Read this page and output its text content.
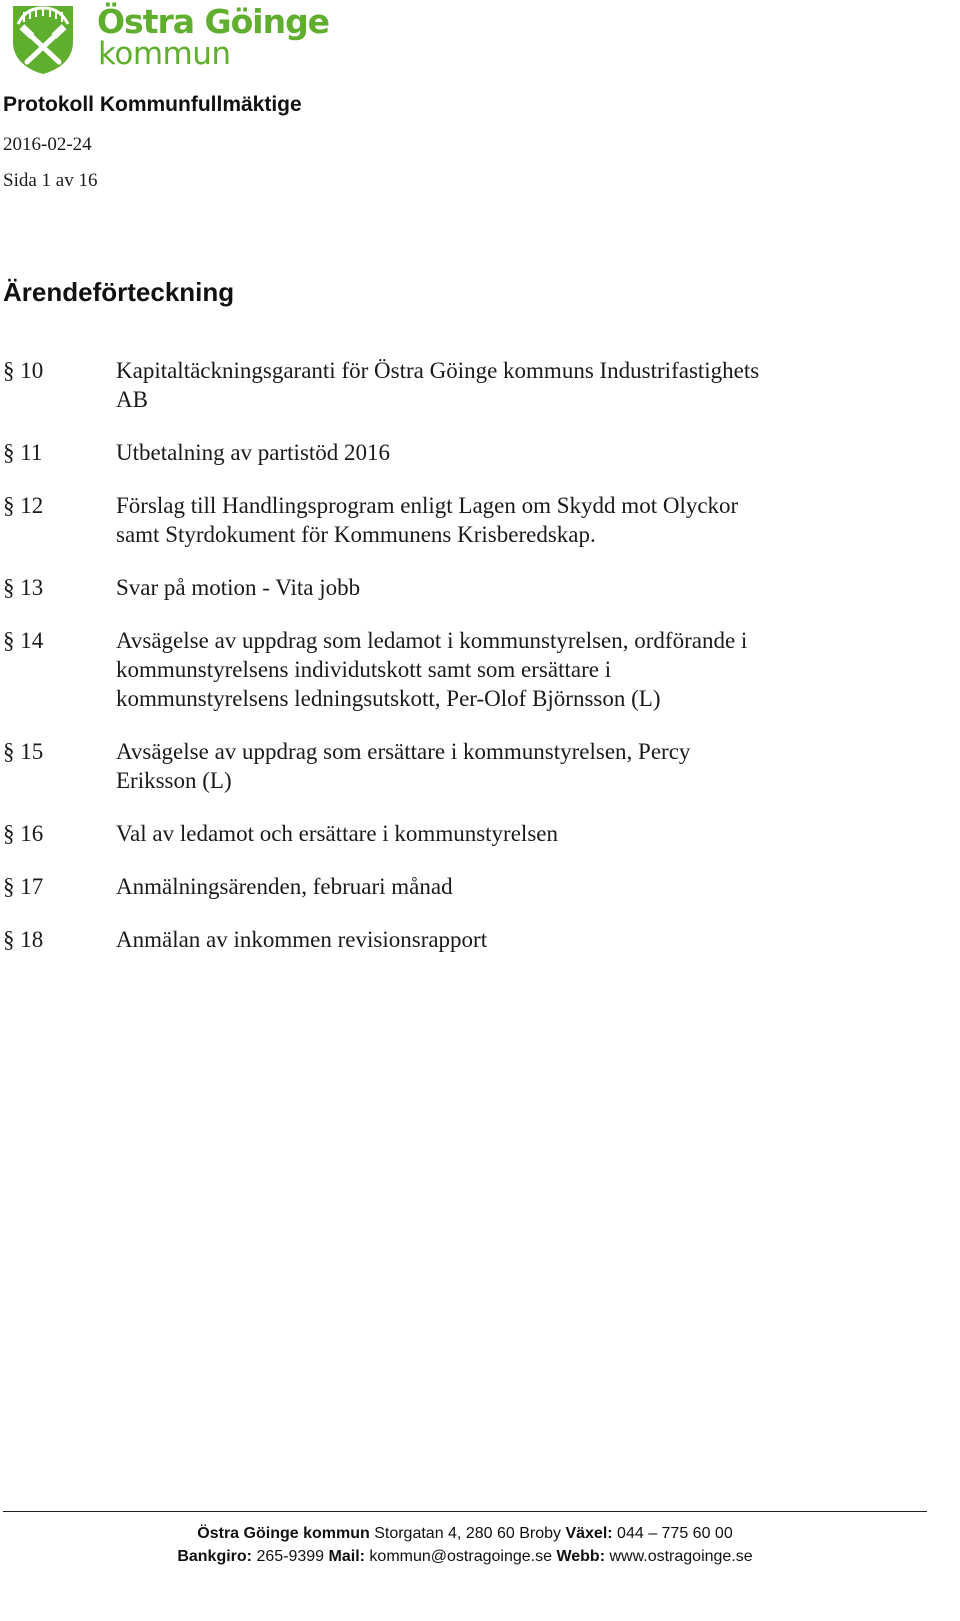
Östra Göinge
kommun
Protokoll Kommunfullmäktige
2016-02-24
Sida 1 av 16
Ärendeförteckning
§ 10	Kapitaltäckningsgaranti för Östra Göinge kommuns Industrifastighets AB
§ 11	Utbetalning av partistöd 2016
§ 12	Förslag till Handlingsprogram enligt Lagen om Skydd mot Olyckor samt Styrdokument för Kommunens Krisberedskap.
§ 13	Svar på motion - Vita jobb
§ 14	Avsägelse av uppdrag som ledamot i kommunstyrelsen, ordförande i kommunstyrelsens individutskott samt som ersättare i kommunstyrelsens ledningsutskott, Per-Olof Björnsson (L)
§ 15	Avsägelse av uppdrag som ersättare i kommunstyrelsen, Percy Eriksson (L)
§ 16	Val av ledamot och ersättare i kommunstyrelsen
§ 17	Anmälningsärenden, februari månad
§ 18	Anmälan av inkommen revisionsrapport
Östra Göinge kommun Storgatan 4, 280 60 Broby Växel: 044 – 775 60 00
Bankgiro: 265-9399 Mail: kommun@ostragoinge.se Webb: www.ostragoinge.se
